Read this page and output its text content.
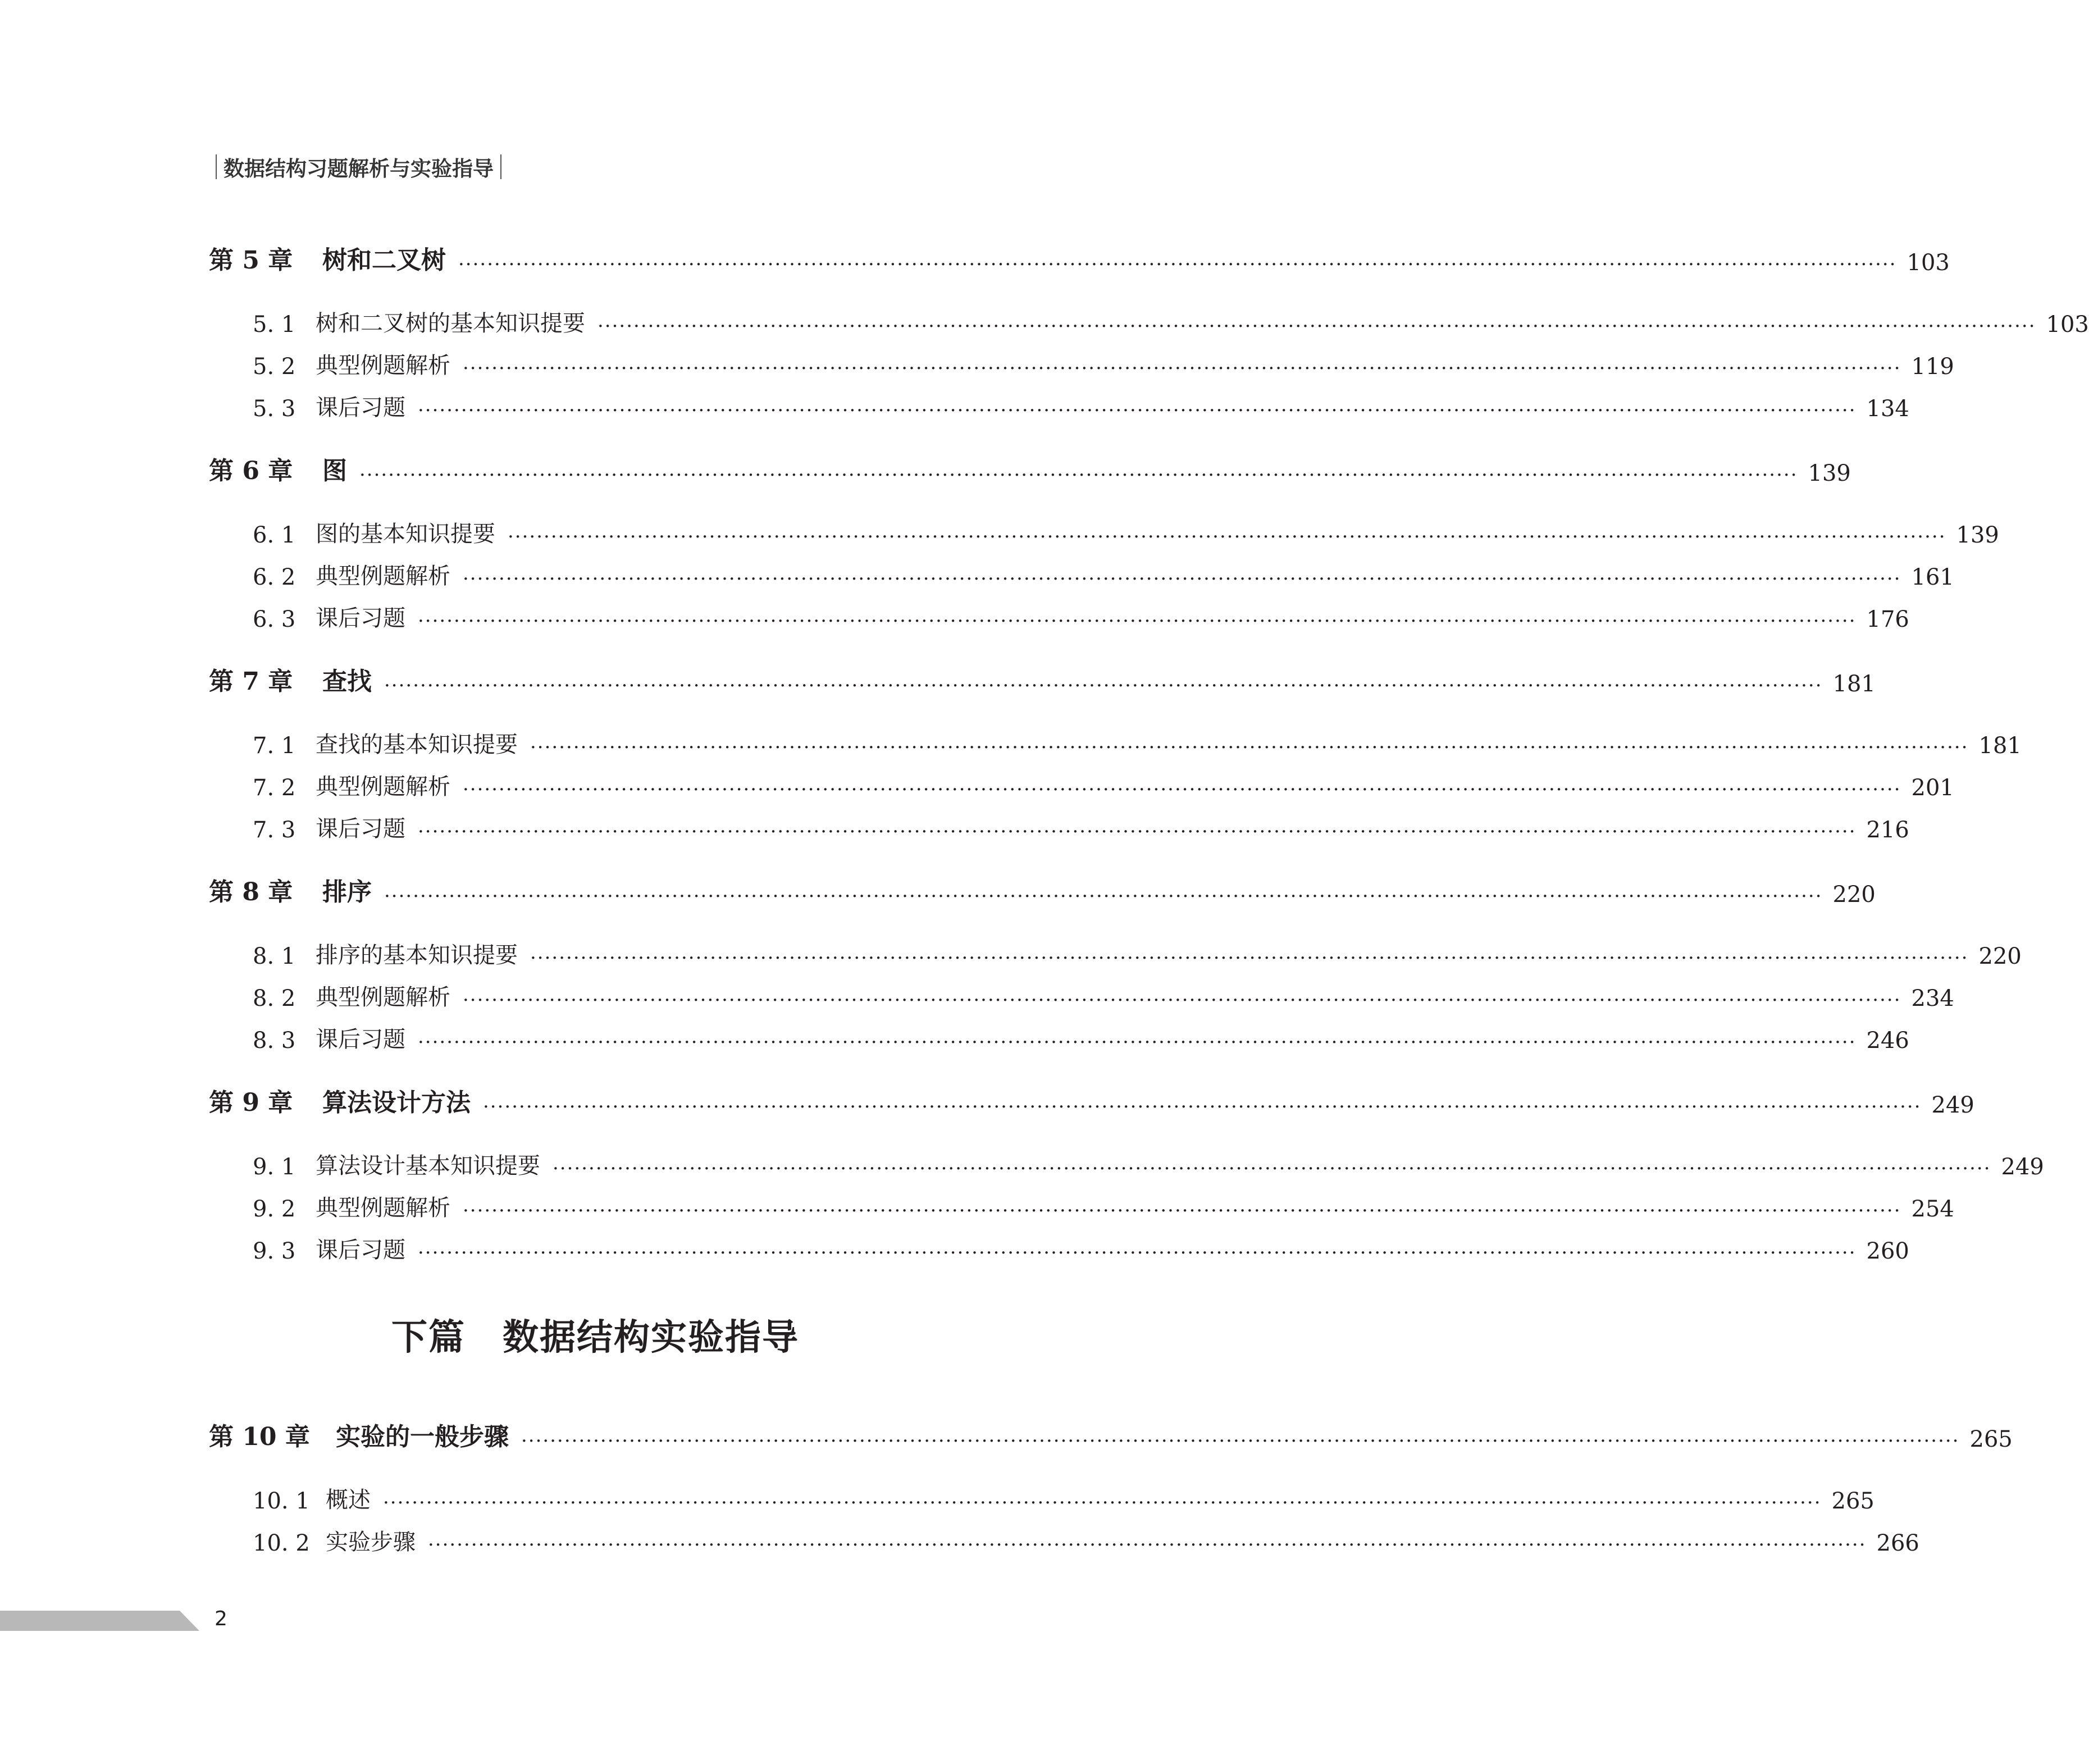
数据结构习题解析与实验指导
第 5 章	树和二叉树 ········································································································································································································ 103
5. 1 树和二叉树的基本知识提要 ········································································································································································································ 103
5. 2 典型例题解析 ········································································································································································································ 119
5. 3 课后习题 ········································································································································································································ 134
第 6 章	图 ········································································································································································································ 139
6. 1 图的基本知识提要 ········································································································································································································ 139
6. 2 典型例题解析 ········································································································································································································ 161
6. 3 课后习题 ········································································································································································································ 176
第 7 章	查找 ········································································································································································································ 181
7. 1 查找的基本知识提要 ········································································································································································································ 181
7. 2 典型例题解析 ········································································································································································································ 201
7. 3 课后习题 ········································································································································································································ 216
第 8 章	排序 ········································································································································································································ 220
8. 1 排序的基本知识提要 ········································································································································································································ 220
8. 2 典型例题解析 ········································································································································································································ 234
8. 3 课后习题 ········································································································································································································ 246
第 9 章	算法设计方法 ········································································································································································································ 249
9. 1 算法设计基本知识提要 ········································································································································································································ 249
9. 2 典型例题解析 ········································································································································································································ 254
9. 3 课后习题 ········································································································································································································ 260
第 10 章	实验的一般步骤 ········································································································································································································ 265
10. 1 概述 ········································································································································································································ 265
10. 2 实验步骤 ········································································································································································································ 266
下篇　数据结构实验指导
2
